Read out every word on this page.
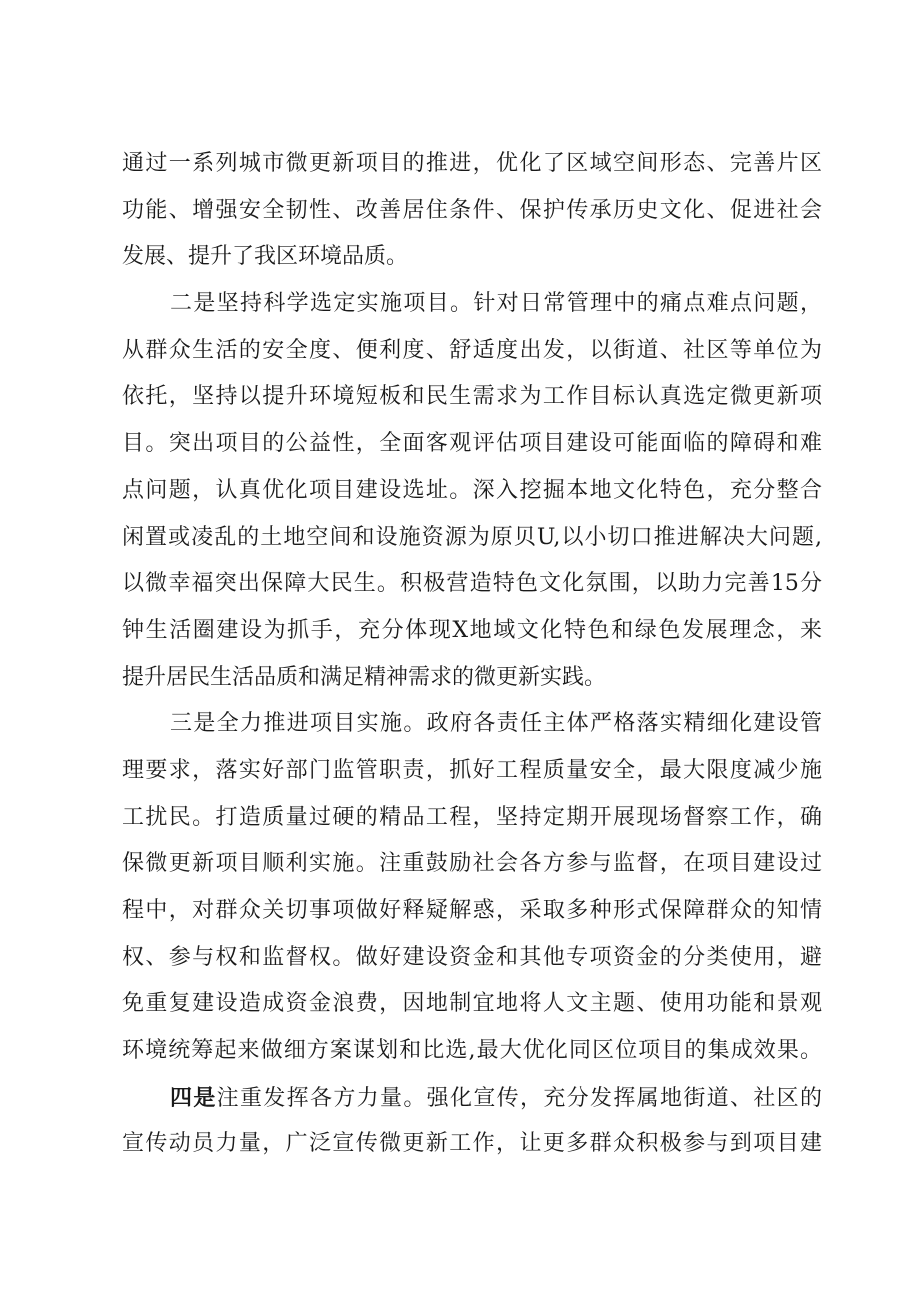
通过一系列城市微更新项目的推进，优化了区域空间形态、完善片区
功能、增强安全韧性、改善居住条件、保护传承历史文化、促进社会
发展、提升了我区环境品质。
二是坚持科学选定实施项目。针对日常管理中的痛点难点问题，
从群众生活的安全度、便利度、舒适度出发，以街道、社区等单位为
依托，坚持以提升环境短板和民生需求为工作目标认真选定微更新项
目。突出项目的公益性，全面客观评估项目建设可能面临的障碍和难
点问题，认真优化项目建设选址。深入挖掘本地文化特色，充分整合
闲置或凌乱的土地空间和设施资源为原贝U,以小切口推进解决大问题,
以微幸福突出保障大民生。积极营造特色文化氛围，以助力完善15分
钟生活圈建设为抓手，充分体现X地域文化特色和绿色发展理念，来
提升居民生活品质和满足精神需求的微更新实践。
三是全力推进项目实施。政府各责任主体严格落实精细化建设管
理要求，落实好部门监管职责，抓好工程质量安全，最大限度减少施
工扰民。打造质量过硬的精品工程，坚持定期开展现场督察工作，确
保微更新项目顺利实施。注重鼓励社会各方参与监督，在项目建设过
程中，对群众关切事项做好释疑解惑，采取多种形式保障群众的知情
权、参与权和监督权。做好建设资金和其他专项资金的分类使用，避
免重复建设造成资金浪费，因地制宜地将人文主题、使用功能和景观
环境统筹起来做细方案谋划和比选,最大优化同区位项目的集成效果。
四是注重发挥各方力量。强化宣传，充分发挥属地街道、社区的
宣传动员力量，广泛宣传微更新工作，让更多群众积极参与到项目建
